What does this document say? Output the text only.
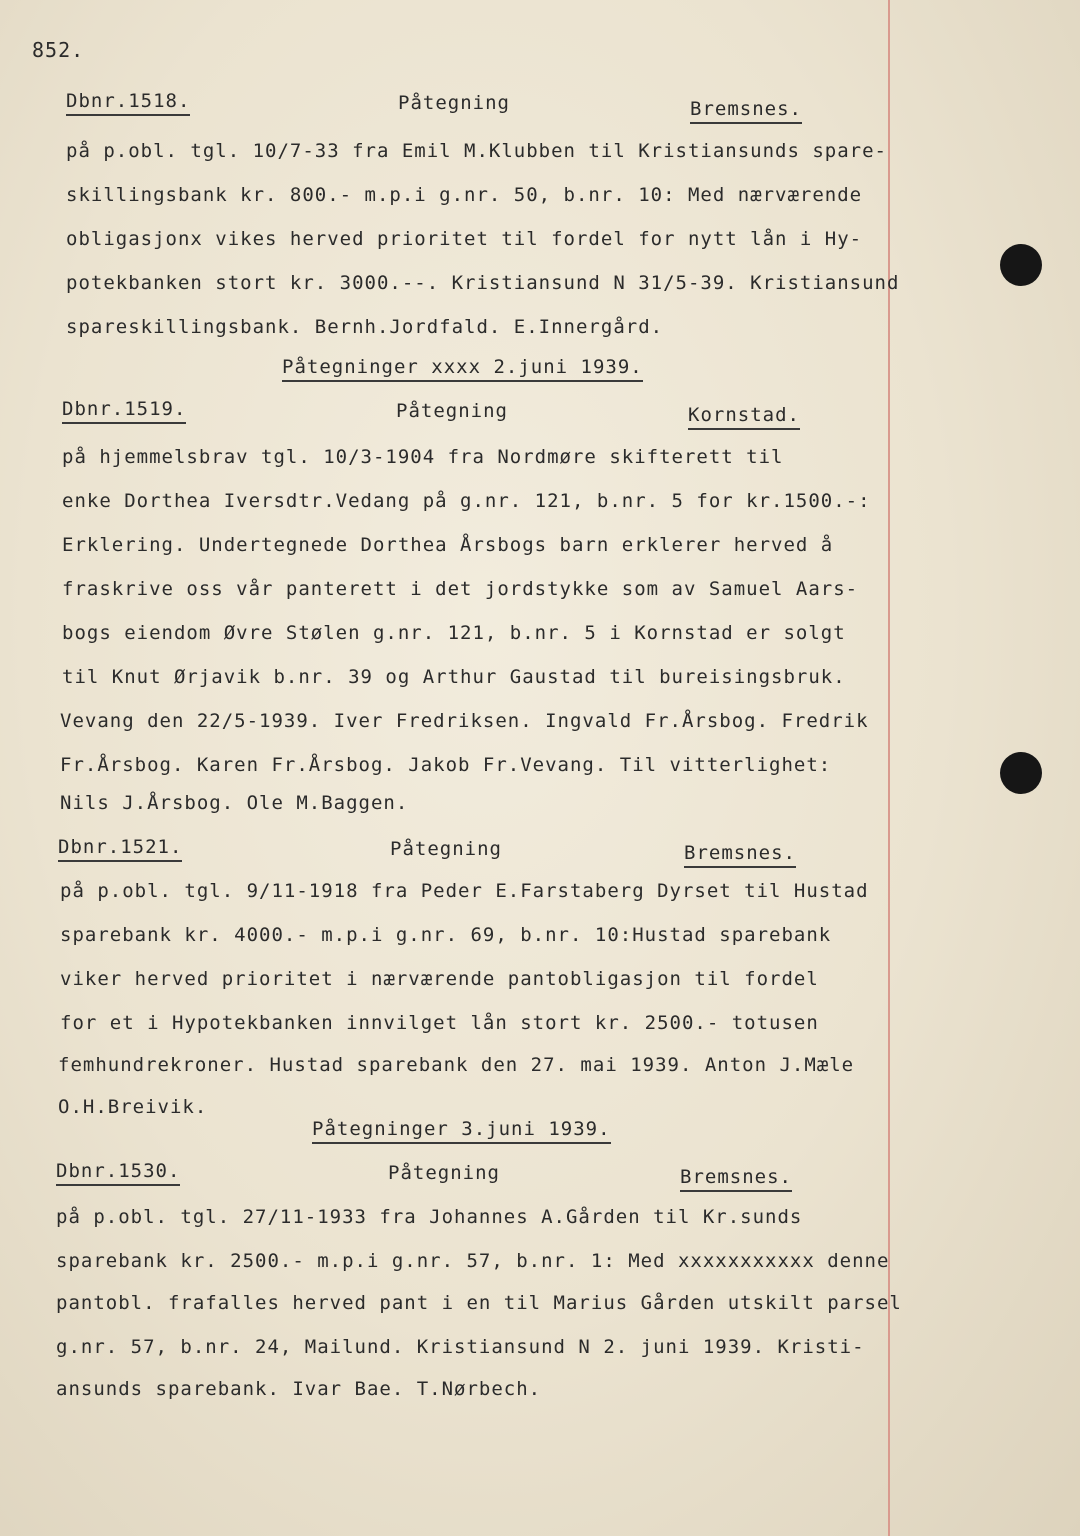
852.
Dbnr.1518.	Påtegning	Bremsnes.
på p.obl. tgl. 10/7-33 fra Emil M.Klubben til Kristiansunds spare-
skillingsbank kr. 800.- m.p.i g.nr. 50, b.nr. 10: Med nærværende
obligasjonx vikes herved prioritet til fordel for nytt lån i Hy-
potekbanken stort kr. 3000.--. Kristiansund N 31/5-39. Kristiansund
spareskillingsbank. Bernh.Jordfald. E.Innergård.
Påtegninger xxxx 2.juni 1939.
Dbnr.1519.	Påtegning	Kornstad.
på hjemmelsbrav tgl. 10/3-1904 fra Nordmøre skifterett til
enke Dorthea Iversdtr.Vedang på g.nr. 121, b.nr. 5 for kr.1500.-:
Erklering. Undertegnede Dorthea Årsbogs barn erklerer herved å
fraskrive oss vår panterett i det jordstykke som av Samuel Aars-
bogs eiendom Øvre Stølen g.nr. 121, b.nr. 5 i Kornstad er solgt
til Knut Ørjavik b.nr. 39 og Arthur Gaustad til bureisingsbruk.
Vevang den 22/5-1939. Iver Fredriksen. Ingvald Fr.Årsbog. Fredrik
Fr.Årsbog. Karen Fr.Årsbog. Jakob Fr.Vevang. Til vitterlighet:
Nils J.Årsbog. Ole M.Baggen.
Dbnr.1521.	Påtegning	Bremsnes.
på p.obl. tgl. 9/11-1918 fra Peder E.Farstaberg Dyrset til Hustad
sparebank kr. 4000.- m.p.i g.nr. 69, b.nr. 10:Hustad sparebank
viker herved prioritet i nærværende pantobligasjon til fordel
for et i Hypotekbanken innvilget lån stort kr. 2500.- totusen
femhundrekroner. Hustad sparebank den 27. mai 1939. Anton J.Mæle
O.H.Breivik.
Påtegninger 3.juni 1939.
Dbnr.1530.	Påtegning	Bremsnes.
på p.obl. tgl. 27/11-1933 fra Johannes A.Gården til Kr.sunds
sparebank kr. 2500.- m.p.i g.nr. 57, b.nr. 1: Med xxxxxxxxxxx denne
pantobl. frafalles herved pant i en til Marius Gården utskilt parsel
g.nr. 57, b.nr. 24, Mailund. Kristiansund N 2. juni 1939. Kristi-
ansunds sparebank. Ivar Bae. T.Nørbech.
